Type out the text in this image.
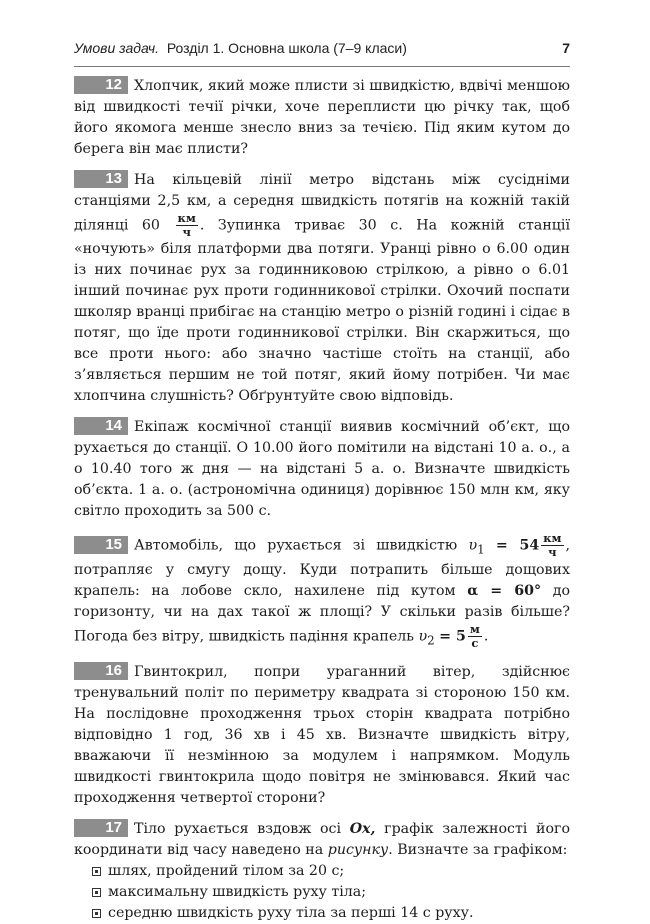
Умови задач. Розділ 1. Основна школа (7–9 класи)	7

12 Хлопчик, який може плисти зі швидкістю, вдвічі меншою від швидкості течії річки, хоче переплисти цю річку так, щоб його якомога менше знесло вниз за течією. Під яким кутом до берега він має плисти?

13 На кільцевій лінії метро відстань між сусідніми станціями 2,5 км, а середня швидкість потягів на кожній такій ділянці $60 \frac{км}{ч}$ . Зупинка триває 30 с. На кожній станції «ночують» біля платформи два потяги. Уранці рівно о 6.00 один із них починає рух за годинниковою стрілкою, а рівно о 6.01 інший починає рух проти годинникової стрілки. Охочий поспати школяр вранці прибігає на станцію метро о різній годині і сідає в потяг, що їде проти годинникової стрілки. Він скаржиться, що все проти нього: або значно частіше стоїть на станції, або з’являється першим не той потяг, який йому потрібен. Чи має хлопчина слушність? Обґрунтуйте свою відповідь.

14 Екіпаж космічної станції виявив космічний об’єкт, що рухається до станції. О 10.00 його помітили на відстані 10 а. о., а о 10.40 того ж дня — на відстані 5 а. о. Визначте швидкість об’єкта. 1 а. о. (астрономічна одиниця) дорівнює 150 млн км, яку світло проходить за 500 с.

15 Автомобіль, що рухається зі швидкістю $\upsilon_1 = 54 \frac{км}{ч}$ , потрапляє у смугу дощу. Куди потрапить більше дощових крапель: на лобове скло, нахилене під кутом α = 60° до горизонту, чи на дах такої ж площі? У скільки разів більше? Погода без вітру, швидкість падіння крапель $\upsilon_2 = 5 \frac{м}{с}$ .

16 Гвинтокрил, попри ураганний вітер, здійснює тренувальний політ по периметру квадрата зі стороною 150 км. На послідовне проходження трьох сторін квадрата потрібно відповідно 1 год, 36 хв і 45 хв. Визначте швидкість вітру, вважаючи її незмінною за модулем і напрямком. Модуль швидкості гвинтокрила щодо повітря не змінювався. Який час проходження четвертої сторони?

17 Тіло рухається вздовж осі Ox, графік залежності його координати від часу наведено на рисунку. Визначте за графіком:
шлях, пройдений тілом за 20 с;
максимальну швидкість руху тіла;
середню швидкість руху тіла за перші 14 с руху.
